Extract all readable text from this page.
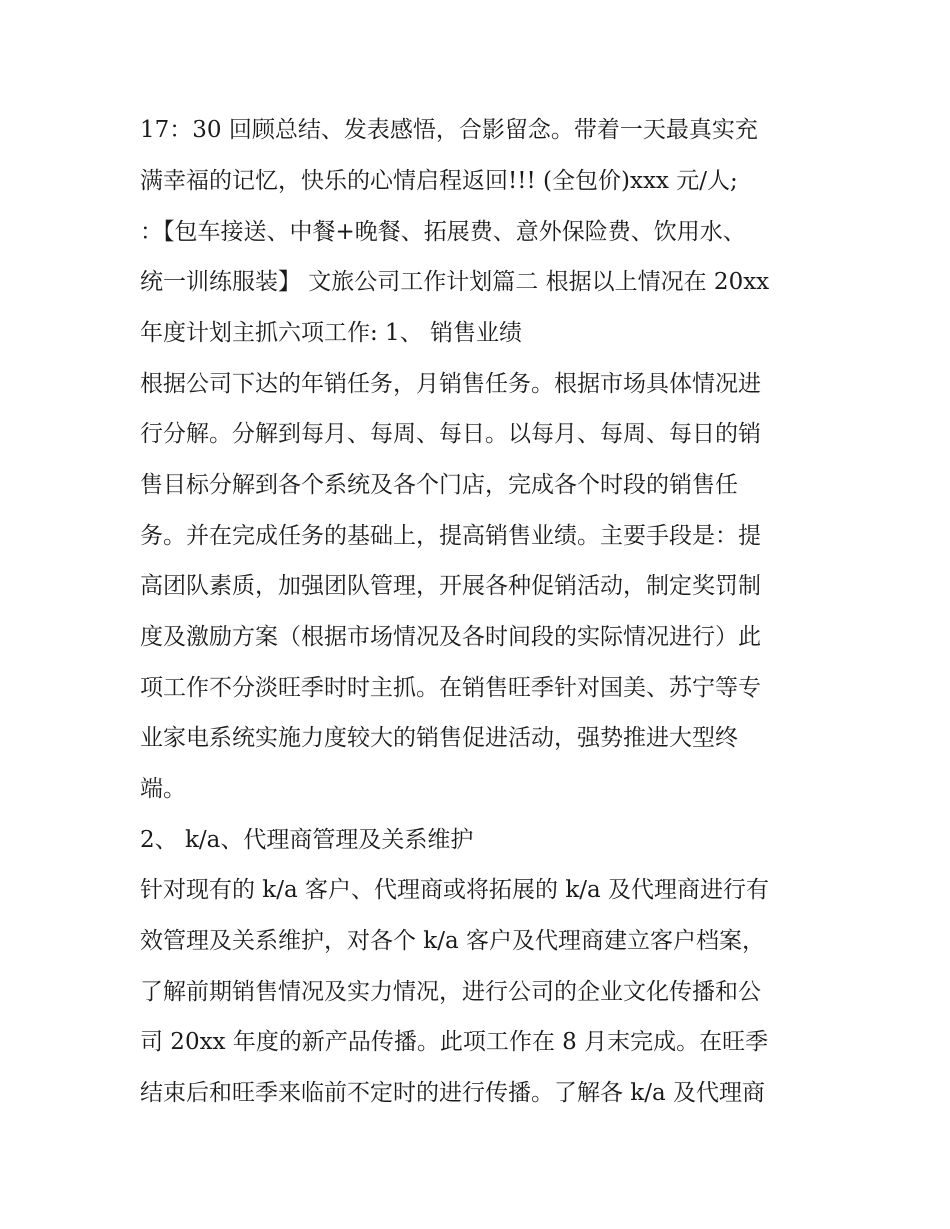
17：30 回顾总结、发表感悟，合影留念。带着一天最真实充
满幸福的记忆，快乐的心情启程返回!!! (全包价)xxx 元/人;
：【包车接送、中餐+晚餐、拓展费、意外保险费、饮用水、
统一训练服装】 文旅公司工作计划篇二 根据以上情况在 20xx
年度计划主抓六项工作: 1、 销售业绩
根据公司下达的年销任务，月销售任务。根据市场具体情况进
行分解。分解到每月、每周、每日。以每月、每周、每日的销
售目标分解到各个系统及各个门店，完成各个时段的销售任
务。并在完成任务的基础上，提高销售业绩。主要手段是：提
高团队素质，加强团队管理，开展各种促销活动，制定奖罚制
度及激励方案（根据市场情况及各时间段的实际情况进行）此
项工作不分淡旺季时时主抓。在销售旺季针对国美、苏宁等专
业家电系统实施力度较大的销售促进活动，强势推进大型终
端。
2、 k/a、代理商管理及关系维护
针对现有的 k/a 客户、代理商或将拓展的 k/a 及代理商进行有
效管理及关系维护，对各个 k/a 客户及代理商建立客户档案，
了解前期销售情况及实力情况，进行公司的企业文化传播和公
司 20xx 年度的新产品传播。此项工作在 8 月末完成。在旺季
结束后和旺季来临前不定时的进行传播。了解各 k/a 及代理商
